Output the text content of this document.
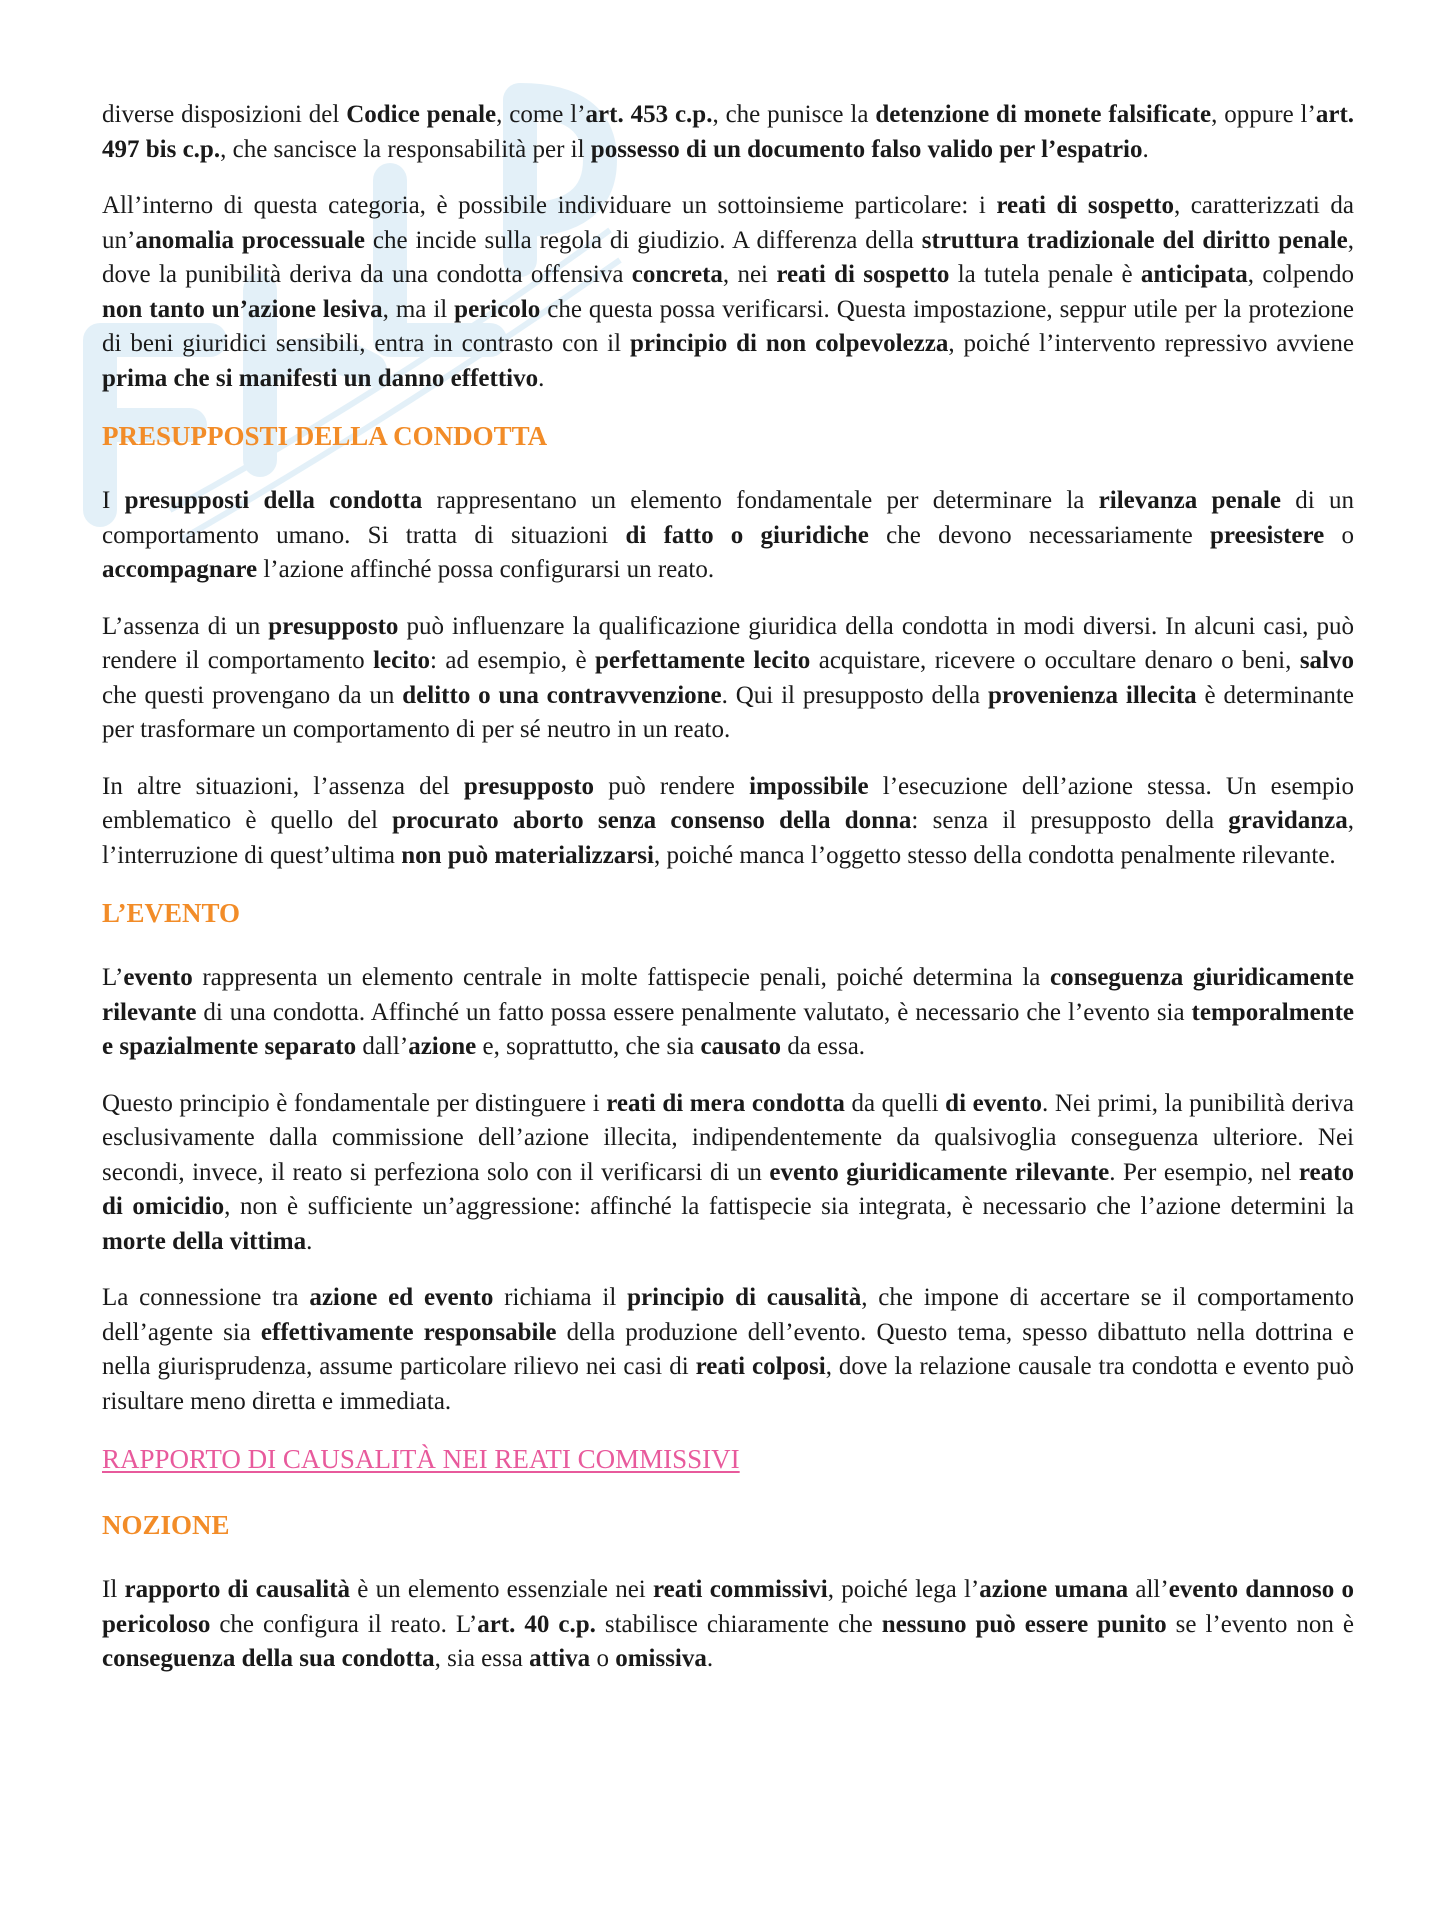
diverse disposizioni del Codice penale, come l’art. 453 c.p., che punisce la detenzione di monete falsificate, oppure l’art. 497 bis c.p., che sancisce la responsabilità per il possesso di un documento falso valido per l’espatrio.

All’interno di questa categoria, è possibile individuare un sottoinsieme particolare: i reati di sospetto, caratterizzati da un’anomalia processuale che incide sulla regola di giudizio. A differenza della struttura tradizionale del diritto penale, dove la punibilità deriva da una condotta offensiva concreta, nei reati di sospetto la tutela penale è anticipata, colpendo non tanto un’azione lesiva, ma il pericolo che questa possa verificarsi. Questa impostazione, seppur utile per la protezione di beni giuridici sensibili, entra in contrasto con il principio di non colpevolezza, poiché l’intervento repressivo avviene prima che si manifesti un danno effettivo.

PRESUPPOSTI DELLA CONDOTTA

I presupposti della condotta rappresentano un elemento fondamentale per determinare la rilevanza penale di un comportamento umano. Si tratta di situazioni di fatto o giuridiche che devono necessariamente preesistere o accompagnare l’azione affinché possa configurarsi un reato.

L’assenza di un presupposto può influenzare la qualificazione giuridica della condotta in modi diversi. In alcuni casi, può rendere il comportamento lecito: ad esempio, è perfettamente lecito acquistare, ricevere o occultare denaro o beni, salvo che questi provengano da un delitto o una contravvenzione. Qui il presupposto della provenienza illecita è determinante per trasformare un comportamento di per sé neutro in un reato.

In altre situazioni, l’assenza del presupposto può rendere impossibile l’esecuzione dell’azione stessa. Un esempio emblematico è quello del procurato aborto senza consenso della donna: senza il presupposto della gravidanza, l’interruzione di quest’ultima non può materializzarsi, poiché manca l’oggetto stesso della condotta penalmente rilevante.

L’EVENTO

L’evento rappresenta un elemento centrale in molte fattispecie penali, poiché determina la conseguenza giuridicamente rilevante di una condotta. Affinché un fatto possa essere penalmente valutato, è necessario che l’evento sia temporalmente e spazialmente separato dall’azione e, soprattutto, che sia causato da essa.

Questo principio è fondamentale per distinguere i reati di mera condotta da quelli di evento. Nei primi, la punibilità deriva esclusivamente dalla commissione dell’azione illecita, indipendentemente da qualsivoglia conseguenza ulteriore. Nei secondi, invece, il reato si perfeziona solo con il verificarsi di un evento giuridicamente rilevante. Per esempio, nel reato di omicidio, non è sufficiente un’aggressione: affinché la fattispecie sia integrata, è necessario che l’azione determini la morte della vittima.

La connessione tra azione ed evento richiama il principio di causalità, che impone di accertare se il comportamento dell’agente sia effettivamente responsabile della produzione dell’evento. Questo tema, spesso dibattuto nella dottrina e nella giurisprudenza, assume particolare rilievo nei casi di reati colposi, dove la relazione causale tra condotta e evento può risultare meno diretta e immediata.

RAPPORTO DI CAUSALITÀ NEI REATI COMMISSIVI
NOZIONE

Il rapporto di causalità è un elemento essenziale nei reati commissivi, poiché lega l’azione umana all’evento dannoso o pericoloso che configura il reato. L’art. 40 c.p. stabilisce chiaramente che nessuno può essere punito se l’evento non è conseguenza della sua condotta, sia essa attiva o omissiva.
